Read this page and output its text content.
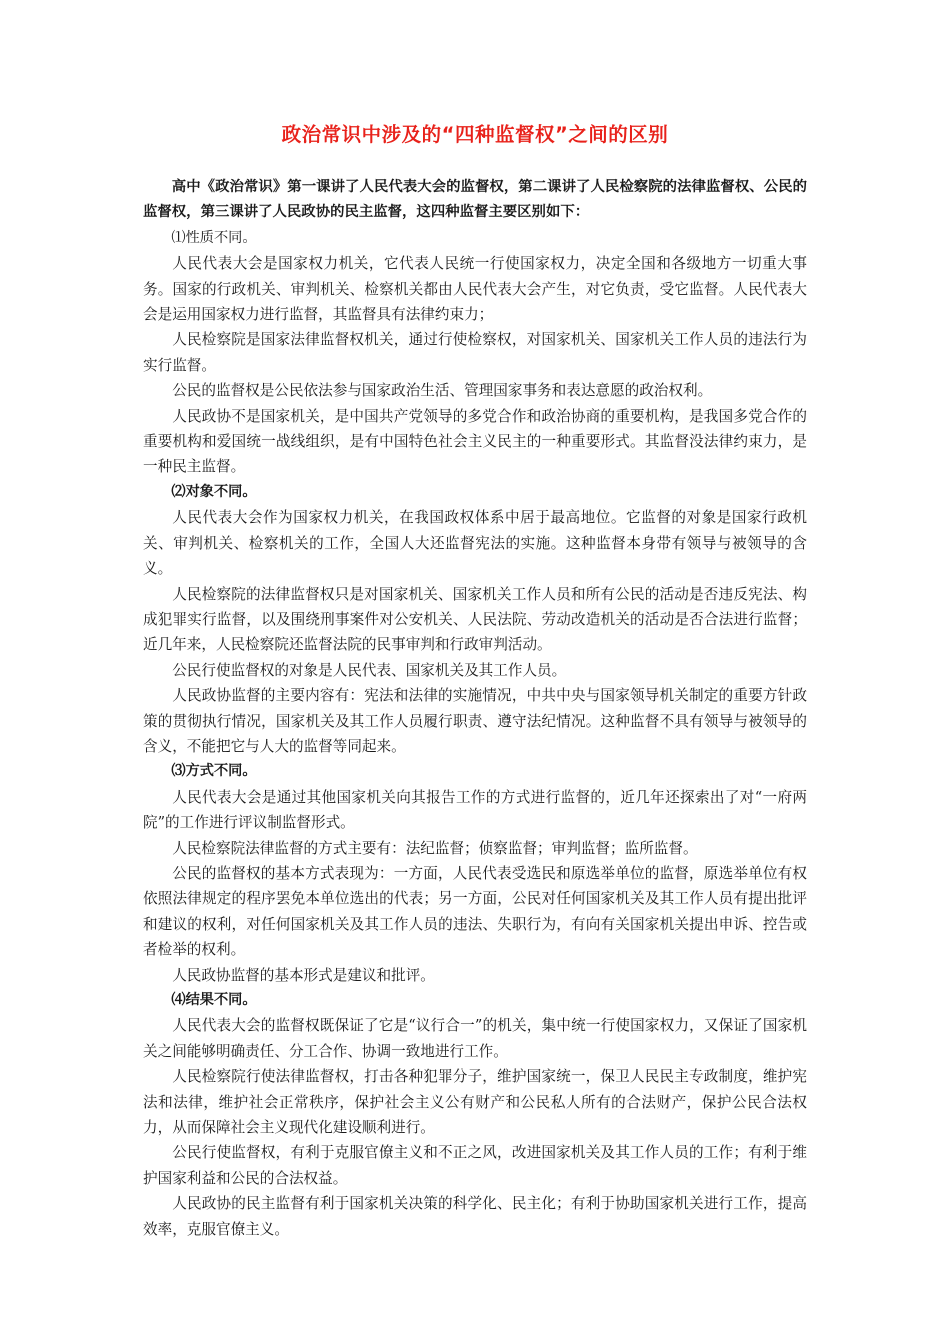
政治常识中涉及的“四种监督权”之间的区别

高中《政治常识》第一课讲了人民代表大会的监督权，第二课讲了人民检察院的法律监督权、公民的监督权，第三课讲了人民政协的民主监督，这四种监督主要区别如下：

⑴性质不同。

人民代表大会是国家权力机关，它代表人民统一行使国家权力，决定全国和各级地方一切重大事务。国家的行政机关、审判机关、检察机关都由人民代表大会产生，对它负责，受它监督。人民代表大会是运用国家权力进行监督，其监督具有法律约束力；

人民检察院是国家法律监督权机关，通过行使检察权，对国家机关、国家机关工作人员的违法行为实行监督。

公民的监督权是公民依法参与国家政治生活、管理国家事务和表达意愿的政治权利。

人民政协不是国家机关，是中国共产党领导的多党合作和政治协商的重要机构，是我国多党合作的重要机构和爱国统一战线组织，是有中国特色社会主义民主的一种重要形式。其监督没法律约束力，是一种民主监督。

⑵对象不同。

人民代表大会作为国家权力机关，在我国政权体系中居于最高地位。它监督的对象是国家行政机关、审判机关、检察机关的工作，全国人大还监督宪法的实施。这种监督本身带有领导与被领导的含义。

人民检察院的法律监督权只是对国家机关、国家机关工作人员和所有公民的活动是否违反宪法、构成犯罪实行监督，以及围绕刑事案件对公安机关、人民法院、劳动改造机关的活动是否合法进行监督；近几年来，人民检察院还监督法院的民事审判和行政审判活动。

公民行使监督权的对象是人民代表、国家机关及其工作人员。

人民政协监督的主要内容有：宪法和法律的实施情况，中共中央与国家领导机关制定的重要方针政策的贯彻执行情况，国家机关及其工作人员履行职责、遵守法纪情况。这种监督不具有领导与被领导的含义，不能把它与人大的监督等同起来。

⑶方式不同。

人民代表大会是通过其他国家机关向其报告工作的方式进行监督的，近几年还探索出了对“一府两院”的工作进行评议制监督形式。

人民检察院法律监督的方式主要有：法纪监督；侦察监督；审判监督；监所监督。

公民的监督权的基本方式表现为：一方面，人民代表受选民和原选举单位的监督，原选举单位有权依照法律规定的程序罢免本单位选出的代表；另一方面，公民对任何国家机关及其工作人员有提出批评和建议的权利，对任何国家机关及其工作人员的违法、失职行为，有向有关国家机关提出申诉、控告或者检举的权利。

人民政协监督的基本形式是建议和批评。

⑷结果不同。

人民代表大会的监督权既保证了它是“议行合一”的机关，集中统一行使国家权力，又保证了国家机关之间能够明确责任、分工合作、协调一致地进行工作。

人民检察院行使法律监督权，打击各种犯罪分子，维护国家统一，保卫人民民主专政制度，维护宪法和法律，维护社会正常秩序，保护社会主义公有财产和公民私人所有的合法财产，保护公民合法权力，从而保障社会主义现代化建设顺利进行。

公民行使监督权，有利于克服官僚主义和不正之风，改进国家机关及其工作人员的工作；有利于维护国家利益和公民的合法权益。

人民政协的民主监督有利于国家机关决策的科学化、民主化；有利于协助国家机关进行工作，提高效率，克服官僚主义。
